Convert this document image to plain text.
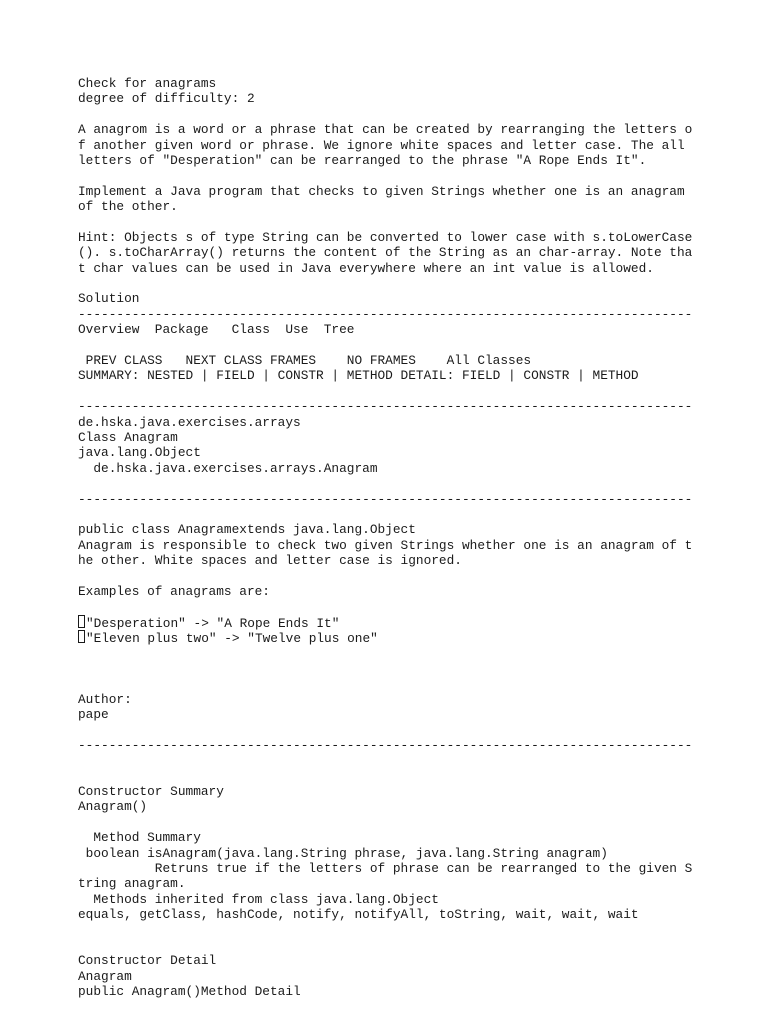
Check for anagrams
degree of difficulty: 2
A anagrom is a word or a phrase that can be created by rearranging the letters o
f another given word or phrase. We ignore white spaces and letter case. The all
letters of "Desperation" can be rearranged to the phrase "A Rope Ends It".
Implement a Java program that checks to given Strings whether one is an anagram
of the other.
Hint: Objects s of type String can be converted to lower case with s.toLowerCase
(). s.toCharArray() returns the content of the String as an char-array. Note tha
t char values can be used in Java everywhere where an int value is allowed.
Solution
--------------------------------------------------------------------------------
Overview  Package   Class  Use  Tree
PREV CLASS   NEXT CLASS FRAMES    NO FRAMES    All Classes
SUMMARY: NESTED | FIELD | CONSTR | METHOD DETAIL: FIELD | CONSTR | METHOD
--------------------------------------------------------------------------------
de.hska.java.exercises.arrays
Class Anagram
java.lang.Object
de.hska.java.exercises.arrays.Anagram
--------------------------------------------------------------------------------
public class Anagramextends java.lang.Object
Anagram is responsible to check two given Strings whether one is an anagram of t
he other. White spaces and letter case is ignored.
Examples of anagrams are:
"Desperation" -> "A Rope Ends It"
"Eleven plus two" -> "Twelve plus one"
Author:
pape
--------------------------------------------------------------------------------
Constructor Summary
Anagram()
Method Summary
boolean isAnagram(java.lang.String phrase, java.lang.String anagram)
Retruns true if the letters of phrase can be rearranged to the given S
tring anagram.
Methods inherited from class java.lang.Object
equals, getClass, hashCode, notify, notifyAll, toString, wait, wait, wait
Constructor Detail
Anagram
public Anagram()Method Detail
